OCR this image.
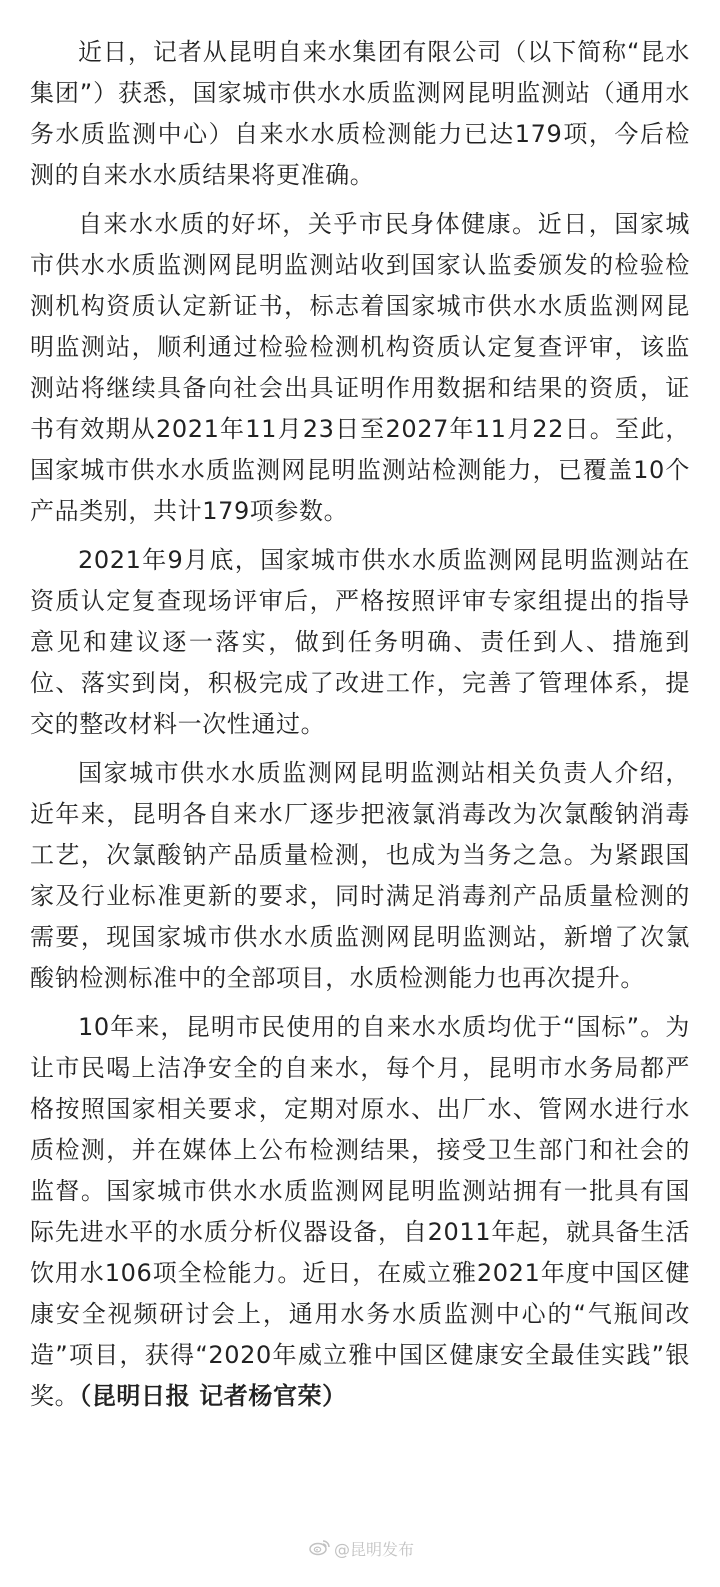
近日，记者从昆明自来水集团有限公司（以下简称“昆水集团”）获悉，国家城市供水水质监测网昆明监测站（通用水务水质监测中心）自来水水质检测能力已达179项，今后检测的自来水水质结果将更准确。

自来水水质的好坏，关乎市民身体健康。近日，国家城市供水水质监测网昆明监测站收到国家认监委颁发的检验检测机构资质认定新证书，标志着国家城市供水水质监测网昆明监测站，顺利通过检验检测机构资质认定复查评审，该监测站将继续具备向社会出具证明作用数据和结果的资质，证书有效期从2021年11月23日至2027年11月22日。至此，国家城市供水水质监测网昆明监测站检测能力，已覆盖10个产品类别，共计179项参数。

2021年9月底，国家城市供水水质监测网昆明监测站在资质认定复查现场评审后，严格按照评审专家组提出的指导意见和建议逐一落实，做到任务明确、责任到人、措施到位、落实到岗，积极完成了改进工作，完善了管理体系，提交的整改材料一次性通过。

国家城市供水水质监测网昆明监测站相关负责人介绍，近年来，昆明各自来水厂逐步把液氯消毒改为次氯酸钠消毒工艺，次氯酸钠产品质量检测，也成为当务之急。为紧跟国家及行业标准更新的要求，同时满足消毒剂产品质量检测的需要，现国家城市供水水质监测网昆明监测站，新增了次氯酸钠检测标准中的全部项目，水质检测能力也再次提升。

10年来，昆明市民使用的自来水水质均优于“国标”。为让市民喝上洁净安全的自来水，每个月，昆明市水务局都严格按照国家相关要求，定期对原水、出厂水、管网水进行水质检测，并在媒体上公布检测结果，接受卫生部门和社会的监督。国家城市供水水质监测网昆明监测站拥有一批具有国际先进水平的水质分析仪器设备，自2011年起，就具备生活饮用水106项全检能力。近日，在威立雅2021年度中国区健康安全视频研讨会上，通用水务水质监测中心的“气瓶间改造”项目，获得“2020年威立雅中国区健康安全最佳实践”银奖。（昆明日报 记者杨官荣）

@昆明发布
